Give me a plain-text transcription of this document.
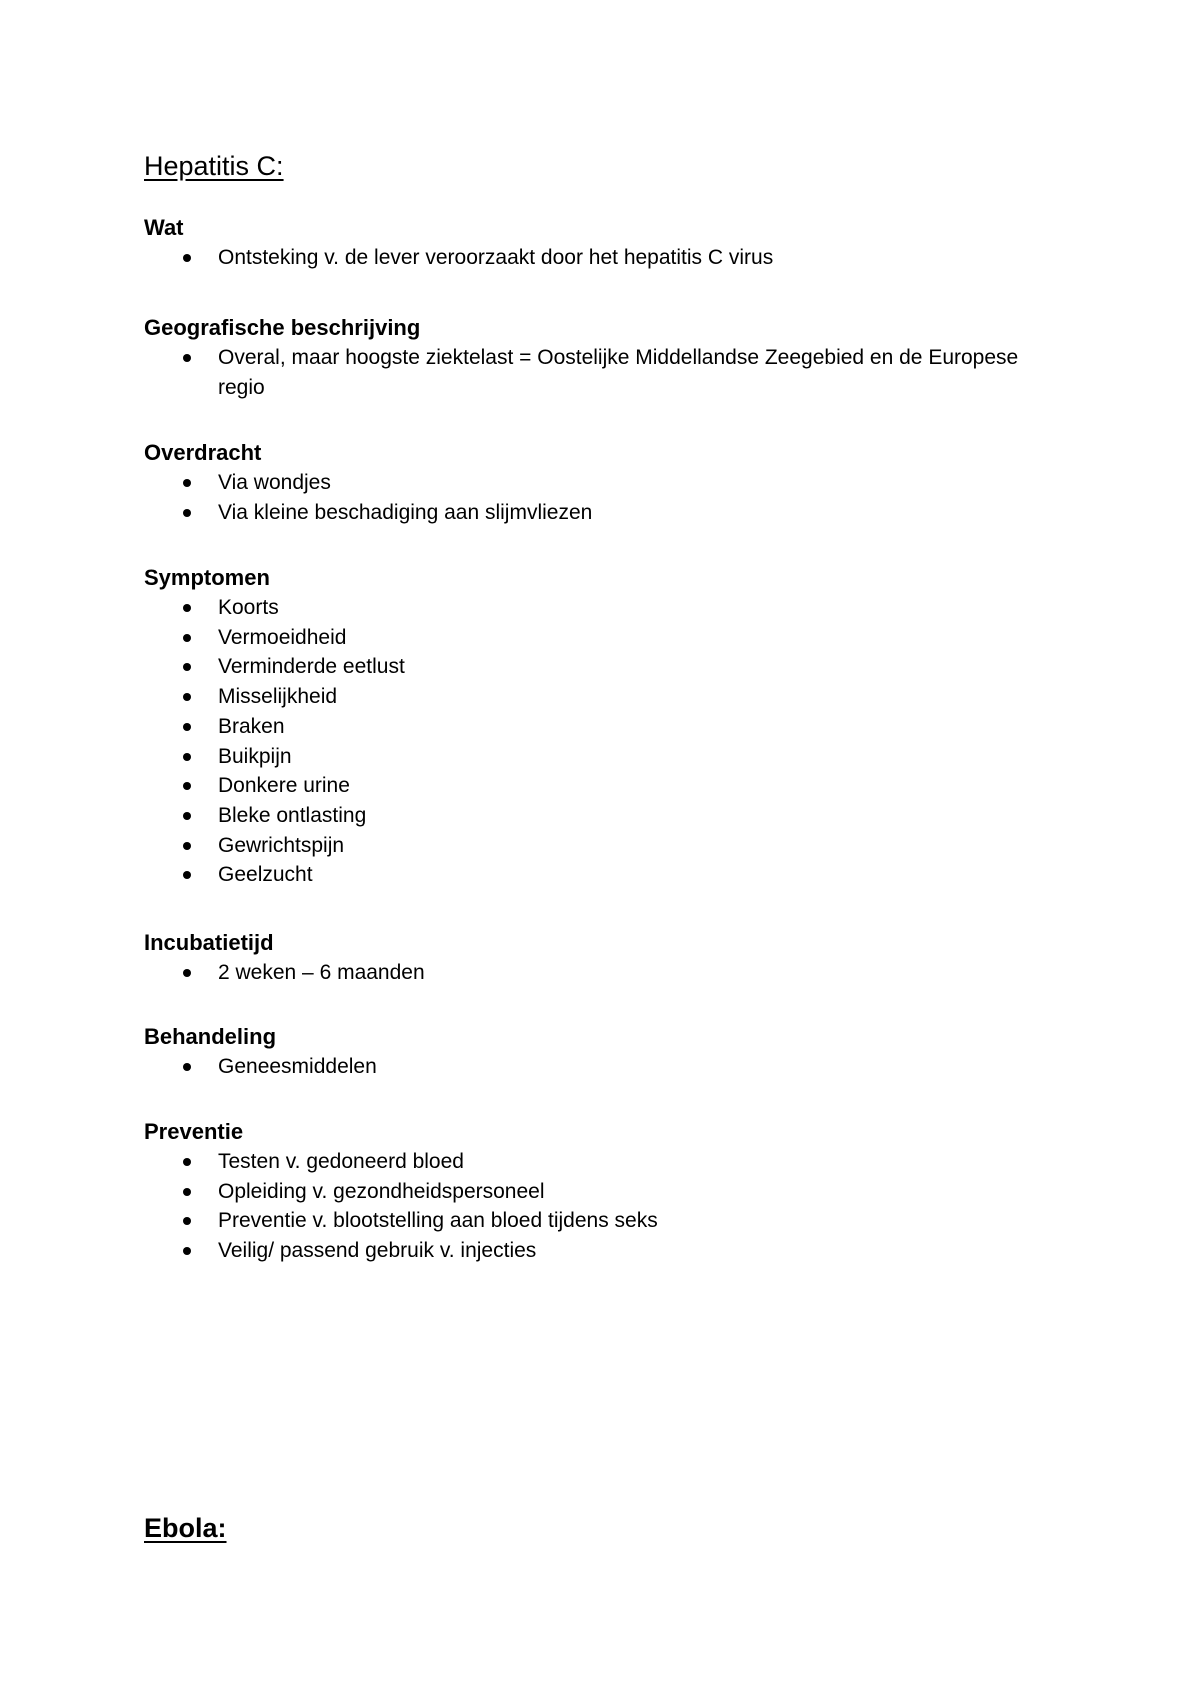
Hepatitis C:
Wat
Ontsteking v. de lever veroorzaakt door het hepatitis C virus
Geografische beschrijving
Overal, maar hoogste ziektelast = Oostelijke Middellandse Zeegebied en de Europese regio
Overdracht
Via wondjes
Via kleine beschadiging aan slijmvliezen
Symptomen
Koorts
Vermoeidheid
Verminderde eetlust
Misselijkheid
Braken
Buikpijn
Donkere urine
Bleke ontlasting
Gewrichtspijn
Geelzucht
Incubatietijd
2 weken – 6 maanden
Behandeling
Geneesmiddelen
Preventie
Testen v. gedoneerd bloed
Opleiding v. gezondheidspersoneel
Preventie v. blootstelling aan bloed tijdens seks
Veilig/ passend gebruik v. injecties
Ebola:
